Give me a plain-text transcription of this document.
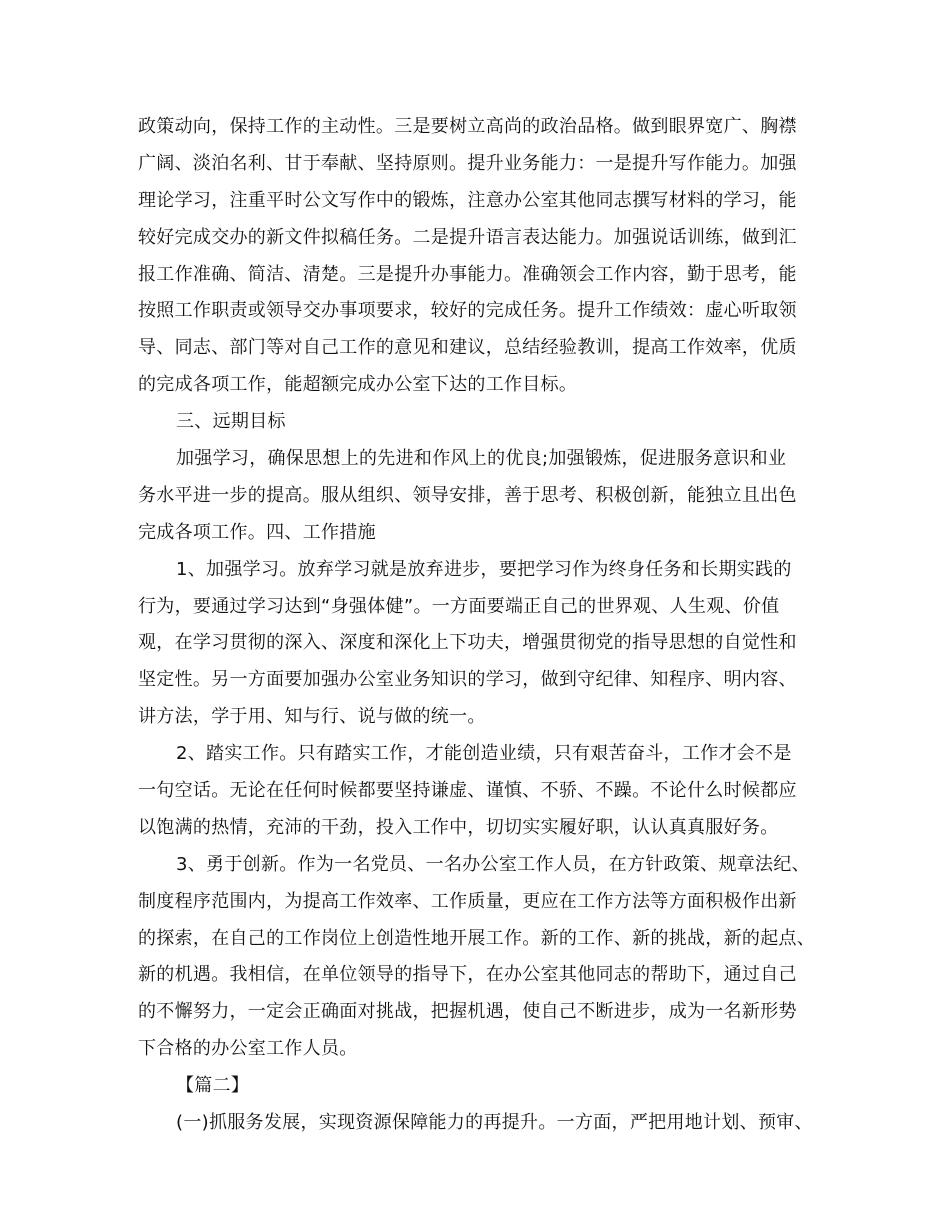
政策动向，保持工作的主动性。三是要树立高尚的政治品格。做到眼界宽广、胸襟
广阔、淡泊名利、甘于奉献、坚持原则。提升业务能力：一是提升写作能力。加强
理论学习，注重平时公文写作中的锻炼，注意办公室其他同志撰写材料的学习，能
较好完成交办的新文件拟稿任务。二是提升语言表达能力。加强说话训练，做到汇
报工作准确、简洁、清楚。三是提升办事能力。准确领会工作内容，勤于思考，能
按照工作职责或领导交办事项要求，较好的完成任务。提升工作绩效：虚心听取领
导、同志、部门等对自己工作的意见和建议，总结经验教训，提高工作效率，优质
的完成各项工作，能超额完成办公室下达的工作目标。
三、远期目标
加强学习，确保思想上的先进和作风上的优良;加强锻炼，促进服务意识和业
务水平进一步的提高。服从组织、领导安排，善于思考、积极创新，能独立且出色
完成各项工作。四、工作措施
1、加强学习。放弃学习就是放弃进步，要把学习作为终身任务和长期实践的
行为，要通过学习达到“身强体健”。一方面要端正自己的世界观、人生观、价值
观，在学习贯彻的深入、深度和深化上下功夫，增强贯彻党的指导思想的自觉性和
坚定性。另一方面要加强办公室业务知识的学习，做到守纪律、知程序、明内容、
讲方法，学于用、知与行、说与做的统一。
2、踏实工作。只有踏实工作，才能创造业绩，只有艰苦奋斗，工作才会不是
一句空话。无论在任何时候都要坚持谦虚、谨慎、不骄、不躁。不论什么时候都应
以饱满的热情，充沛的干劲，投入工作中，切切实实履好职，认认真真服好务。
3、勇于创新。作为一名党员、一名办公室工作人员，在方针政策、规章法纪、
制度程序范围内，为提高工作效率、工作质量，更应在工作方法等方面积极作出新
的探索，在自己的工作岗位上创造性地开展工作。新的工作、新的挑战，新的起点、
新的机遇。我相信，在单位领导的指导下，在办公室其他同志的帮助下，通过自己
的不懈努力，一定会正确面对挑战，把握机遇，使自己不断进步，成为一名新形势
下合格的办公室工作人员。
【篇二】
(一)抓服务发展，实现资源保障能力的再提升。一方面，严把用地计划、预审、
